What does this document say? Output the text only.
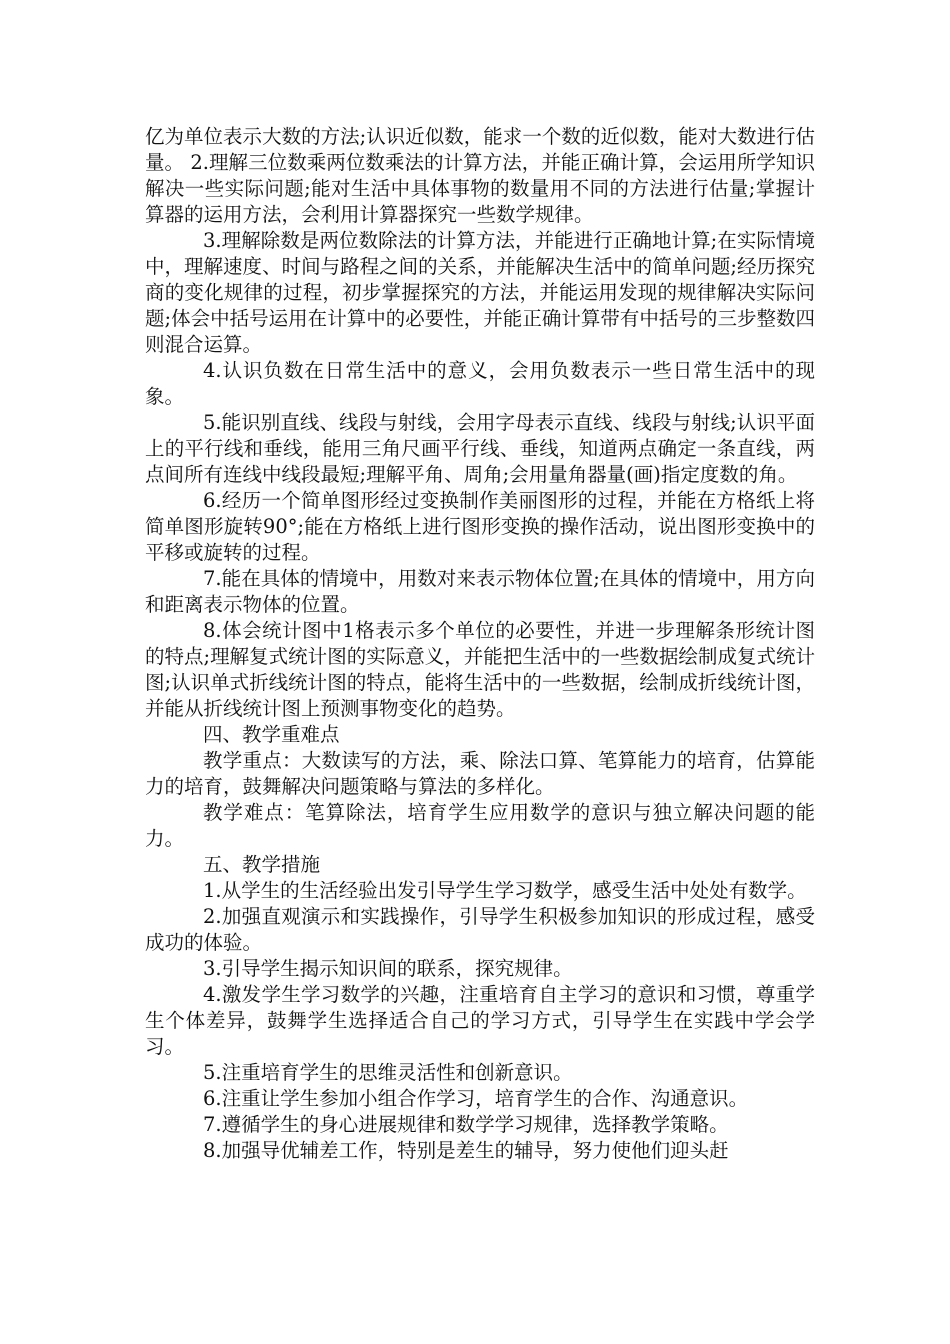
亿为单位表示大数的方法;认识近似数，能求一个数的近似数，能对大数进行估量。 2.理解三位数乘两位数乘法的计算方法，并能正确计算，会运用所学知识解决一些实际问题;能对生活中具体事物的数量用不同的方法进行估量;掌握计算器的运用方法，会利用计算器探究一些数学规律。

3.理解除数是两位数除法的计算方法，并能进行正确地计算;在实际情境中，理解速度、时间与路程之间的关系，并能解决生活中的简单问题;经历探究商的变化规律的过程，初步掌握探究的方法，并能运用发现的规律解决实际问题;体会中括号运用在计算中的必要性，并能正确计算带有中括号的三步整数四则混合运算。

4.认识负数在日常生活中的意义，会用负数表示一些日常生活中的现象。

5.能识别直线、线段与射线，会用字母表示直线、线段与射线;认识平面上的平行线和垂线，能用三角尺画平行线、垂线，知道两点确定一条直线，两点间所有连线中线段最短;理解平角、周角;会用量角器量(画)指定度数的角。

6.经历一个简单图形经过变换制作美丽图形的过程，并能在方格纸上将简单图形旋转90°;能在方格纸上进行图形变换的操作活动，说出图形变换中的平移或旋转的过程。

7.能在具体的情境中，用数对来表示物体位置;在具体的情境中，用方向和距离表示物体的位置。

8.体会统计图中1格表示多个单位的必要性，并进一步理解条形统计图的特点;理解复式统计图的实际意义，并能把生活中的一些数据绘制成复式统计图;认识单式折线统计图的特点，能将生活中的一些数据，绘制成折线统计图，并能从折线统计图上预测事物变化的趋势。

四、教学重难点

教学重点：大数读写的方法，乘、除法口算、笔算能力的培育，估算能力的培育，鼓舞解决问题策略与算法的多样化。

教学难点：笔算除法，培育学生应用数学的意识与独立解决问题的能力。

五、教学措施

1.从学生的生活经验出发引导学生学习数学，感受生活中处处有数学。

2.加强直观演示和实践操作，引导学生积极参加知识的形成过程，感受成功的体验。

3.引导学生揭示知识间的联系，探究规律。

4.激发学生学习数学的兴趣，注重培育自主学习的意识和习惯，尊重学生个体差异，鼓舞学生选择适合自己的学习方式，引导学生在实践中学会学习。

5.注重培育学生的思维灵活性和创新意识。

6.注重让学生参加小组合作学习，培育学生的合作、沟通意识。

7.遵循学生的身心进展规律和数学学习规律，选择教学策略。

8.加强导优辅差工作，特别是差生的辅导，努力使他们迎头赶
